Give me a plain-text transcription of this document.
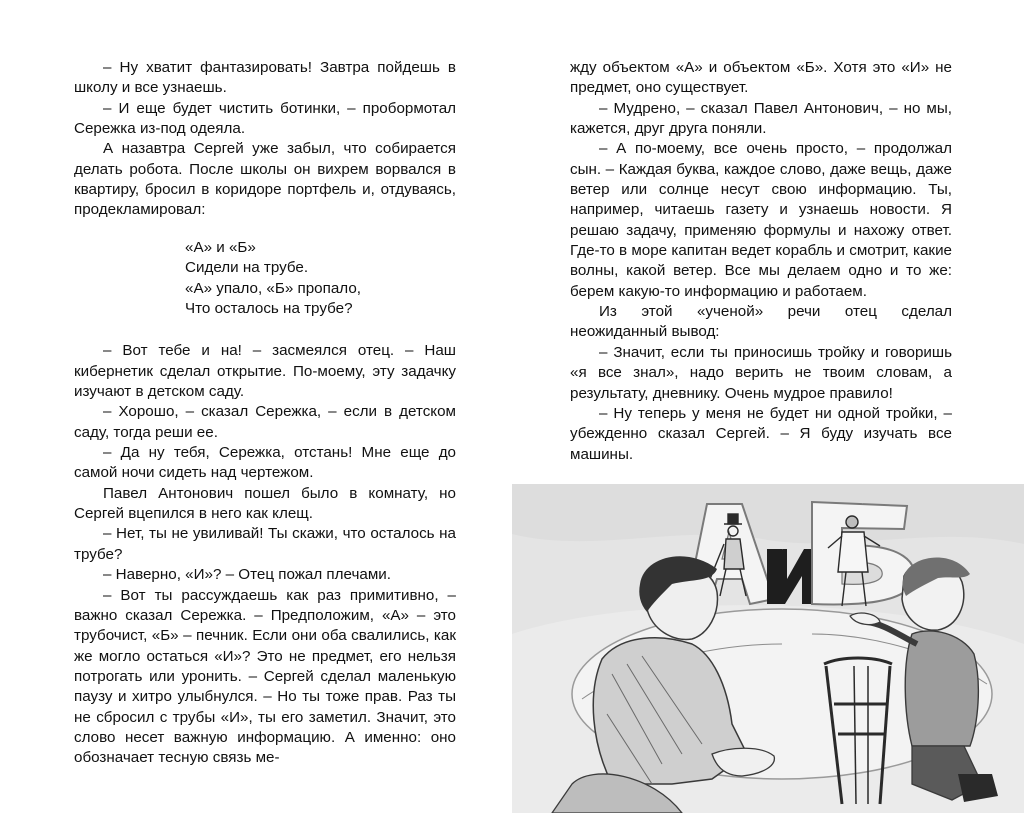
– Ну хватит фантазировать! Завтра пойдешь в школу и все узнаешь.

– И еще будет чистить ботинки, – пробормотал Сережка из-под одеяла.

А назавтра Сергей уже забыл, что собирается делать робота. После школы он вихрем ворвался в квартиру, бросил в коридоре портфель и, отдуваясь, продекламировал:

«А» и «Б»
Сидели на трубе.
«А» упало, «Б» пропало,
Что осталось на трубе?

– Вот тебе и на! – засмеялся отец. – Наш кибернетик сделал открытие. По-моему, эту задачку изучают в детском саду.

– Хорошо, – сказал Сережка, – если в детском саду, тогда реши ее.

– Да ну тебя, Сережка, отстань! Мне еще до самой ночи сидеть над чертежом.

Павел Антонович пошел было в комнату, но Сергей вцепился в него как клещ.

– Нет, ты не увиливай! Ты скажи, что осталось на трубе?

– Наверно, «И»? – Отец пожал плечами.

– Вот ты рассуждаешь как раз примитивно, – важно сказал Сережка. – Предположим, «А» – это трубочист, «Б» – печник. Если они оба свалились, как же могло остаться «И»? Это не предмет, его нельзя потрогать или уронить. – Сергей сделал маленькую паузу и хитро улыбнулся. – Но ты тоже прав. Раз ты не сбросил с трубы «И», ты его заметил. Значит, это слово несет важную информацию. А именно: оно обозначает тесную связь ме-

жду объектом «А» и объектом «Б». Хотя это «И» не предмет, оно существует.

– Мудрено, – сказал Павел Антонович, – но мы, кажется, друг друга поняли.

– А по-моему, все очень просто, – продолжал сын. – Каждая буква, каждое слово, даже вещь, даже ветер или солнце несут свою информацию. Ты, например, читаешь газету и узнаешь новости. Я решаю задачу, применяю формулы и нахожу ответ. Где-то в море капитан ведет корабль и смотрит, какие волны, какой ветер. Все мы делаем одно и то же: берем какую-то информацию и работаем.

Из этой «ученой» речи отец сделал неожиданный вывод:

– Значит, если ты приносишь тройку и говоришь «я все знал», надо верить не твоим словам, а результату, дневнику. Очень мудрое правило!

– Ну теперь у меня не будет ни одной тройки, – убежденно сказал Сергей. – Я буду изучать все машины.

А
И
Б
